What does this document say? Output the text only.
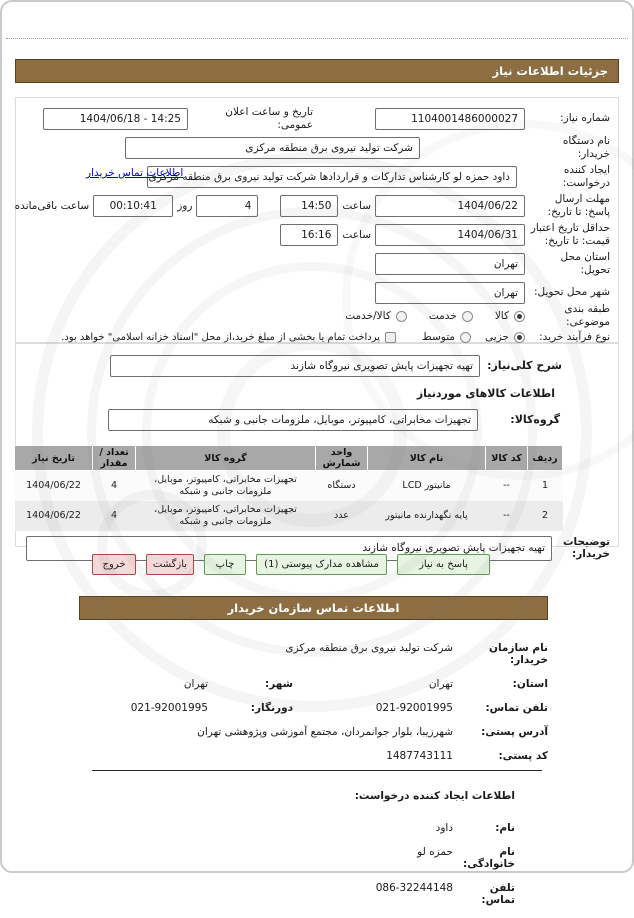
جزئیات اطلاعات نیاز
شماره نیاز:
1104001486000027
تاریخ و ساعت اعلان عمومی:
1404/06/18 - 14:25
نام دستگاه خریدار:
شرکت تولید نیروی برق منطقه مرکزی
ایجاد کننده درخواست:
داود حمزه لو کارشناس تدارکات و قراردادها شرکت تولید نیروی برق منطقه مرکزی
مهلت ارسال پاسخ: تا تاریخ:
1404/06/22
ساعت
14:50
4
روز
00:10:41
ساعت باقی‌مانده
حداقل تاریخ اعتبار قیمت: تا تاریخ:
1404/06/31
ساعت
16:16
استان محل تحویل:
تهران
شهر محل تحویل:
تهران
طبقه بندی موضوعی:
کالا
خدمت
کالا/خدمت
نوع فرآیند خرید:
جزیی
متوسط
پرداخت تمام یا بخشی از مبلغ خرید،از محل "اسناد خزانه اسلامی" خواهد بود.
اطلاعات تماس خریدار
شرح کلی‌نیاز:
تهیه تجهیزات پایش تصویری نیروگاه شازند
اطلاعات کالاهای موردنیاز
گروه‌کالا:
تجهیزات مخابراتی، کامپیوتر، موبایل، ملزومات جانبی و شبکه
ردیف	کد کالا	نام کالا	واحد شمارش	گروه کالا	تعداد / مقدار	تاریخ نیاز
1	--	مانیتور LCD	دستگاه	تجهیزات مخابراتی، کامپیوتر، موبایل، ملزومات جانبی و شبکه	4	1404/06/22
2	--	پایه نگهدارنده مانیتور	عدد	تجهیزات مخابراتی، کامپیوتر، موبایل، ملزومات جانبی و شبکه	4	1404/06/22
توضیحات خریدار:
تهیه تجهیزات پایش تصویری نیروگاه شازند
پاسخ به نیاز
مشاهده مدارک پیوستی (1)
چاپ
بازگشت
خروج
اطلاعات تماس سازمان خریدار
نام سازمان خریدار:
شرکت تولید نیروی برق منطقه مرکزی
استان:
تهران
شهر:
تهران
تلفن تماس:
021-92001995
دورنگار:
021-92001995
آدرس پستی:
شهرزیبا، بلوار جوانمردان، مجتمع آموزشی وپژوهشی تهران
کد پستی:
1487743111
اطلاعات ایجاد کننده درخواست:
نام:
داود
نام خانوادگی:
حمزه لو
تلفن تماس:
086-32244148
